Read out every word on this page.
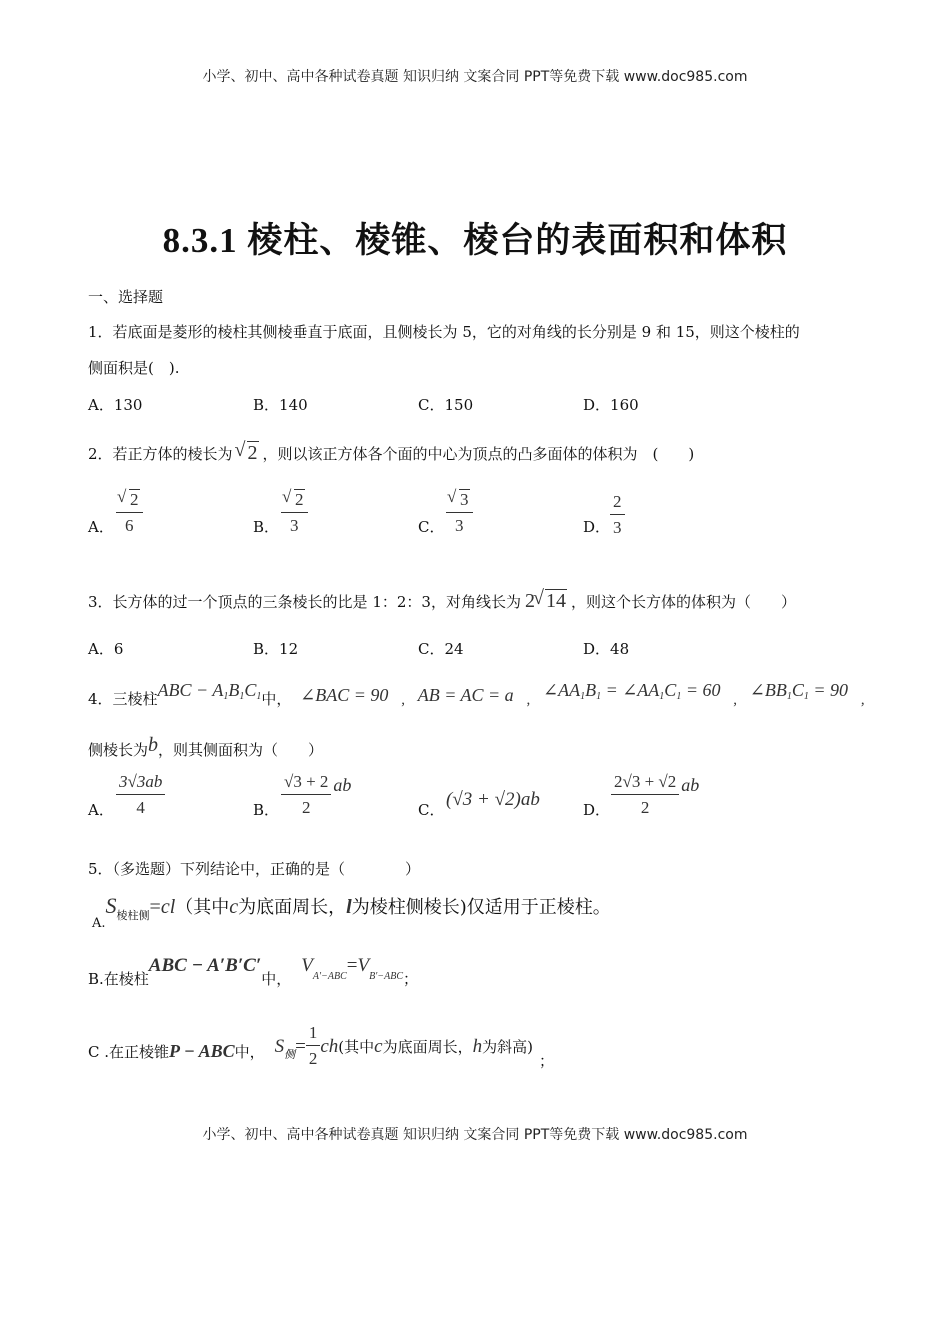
小学、初中、高中各种试卷真题 知识归纳 文案合同 PPT等免费下载 www.doc985.com
小学、初中、高中各种试卷真题 知识归纳 文案合同 PPT等免费下载 www.doc985.com
8.3.1 棱柱、棱锥、棱台的表面积和体积
一、选择题
1．若底面是菱形的棱柱其侧棱垂直于底面，且侧棱长为 5，它的对角线的长分别是 9 和 15，则这个棱柱的
侧面积是(　).
A．130	B．140	C．150	D．160
2．若正方体的棱长为 √ 2 ，则以该正方体各个面的中心为顶点的凸多面体的体积为　(　　)
A． √ $\frac{2}{6}$	B． √ $\frac{2}{3}$	C． √ $\frac{3}{3}$	D． $\frac{2}{3}$
3．长方体的过一个顶点的三条棱长的比是 1：2：3，对角线长为 2 √ 14 ，则这个长方体的体积为（　　）
A．6	B．12	C．24	D．48
4．三棱柱ABC − $A_1B_1C_1$中， ∠BAC = 90 , AB = AC = a , $\angle AA_1B_1$ = $\angle AA_1C_1 = 60$ , $\angle BB_1C_1 = 90$ ,
侧棱长为b，则其侧面积为（　　）
A． $\frac{3√3ab}{4}$	B． $\frac{√3 + 2}{2}$ ab
C． (√3 + √2)ab	D． $\frac{2√3 + √2}{2}$ ab
5．（多选题）下列结论中，正确的是（　　　　）
$_{A.}S_{棱柱侧}=cl$（其中c为底面周长，l为棱柱侧棱长)仅适用于正棱柱。
B.在棱柱ABC − A′B′C′中，$V_{A'-ABC}=V_{B'-ABC}$；
C .在正棱锥P − ABC中， $S_侧= \frac{1}{2} ch$(其中c为底面周长，h为斜高)；
